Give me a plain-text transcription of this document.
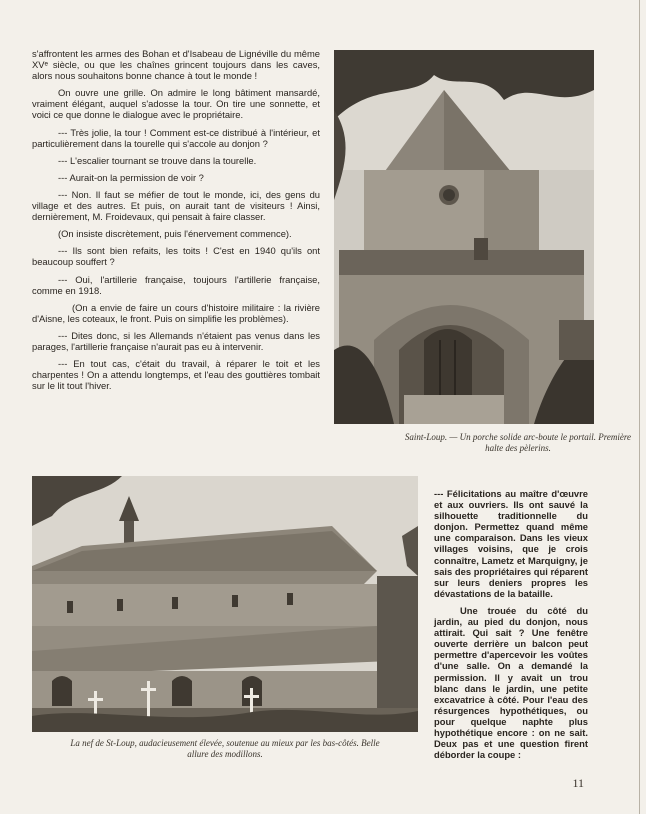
s'affrontent les armes des Bohan et d'Isabeau de Lignéville du même XVᵉ siècle, ou que les chaînes grincent toujours dans les caves, alors nous souhaitons bonne chance à tout le monde !

On ouvre une grille. On admire le long bâtiment mansardé, vraiment élégant, auquel s'adosse la tour. On tire une sonnette, et voici ce que donne le dialogue avec le propriétaire.

--- Très jolie, la tour ! Comment est-ce distribué à l'intérieur, et particulièrement dans la tourelle qui s'accole au donjon ?

--- L'escalier tournant se trouve dans la tourelle.

--- Aurait-on la permission de voir ?

--- Non. Il faut se méfier de tout le monde, ici, des gens du village et des autres. Et puis, on aurait tant de visiteurs ! Ainsi, dernièrement, M. Froidevaux, qui pensait à faire classer.

(On insiste discrètement, puis l'énervement commence).

--- Ils sont bien refaits, les toits ! C'est en 1940 qu'ils ont beaucoup souffert ?

--- Oui, l'artillerie française, toujours l'artillerie française, comme en 1918.

(On a envie de faire un cours d'histoire militaire : la rivière d'Aisne, les coteaux, le front. Puis on simplifie les problèmes).

--- Dites donc, si les Allemands n'étaient pas venus dans les parages, l'artillerie française n'aurait pas eu à intervenir.

--- En tout cas, c'était du travail, à réparer le toit et les charpentes ! On a attendu longtemps, et l'eau des gouttières tombait sur le lit tout l'hiver.

Saint-Loup. — Un porche solide arc-boute le portail. Première halte des pèlerins.
La nef de St-Loup, audacieusement élevée, soutenue au mieux par les bas-côtés. Belle allure des modillons.

--- Félicitations au maître d'œuvre et aux ouvriers. Ils ont sauvé la silhouette traditionnelle du donjon. Permettez quand même une comparaison. Dans les vieux villages voisins, que je crois connaître, Lametz et Marquigny, je sais des propriétaires qui réparent sur leurs deniers propres les dévastations de la bataille.

Une trouée du côté du jardin, au pied du donjon, nous attirait. Qui sait ? Une fenêtre ouverte derrière un balcon peut permettre d'apercevoir les voûtes d'une salle. On a demandé la permission. Il y avait un trou blanc dans le jardin, une petite excavatrice à côté. Pour l'eau des résurgences hypothétiques, ou pour quelque naphte plus hypothétique encore : on ne sait. Deux pas et une question firent déborder la coupe :

11
